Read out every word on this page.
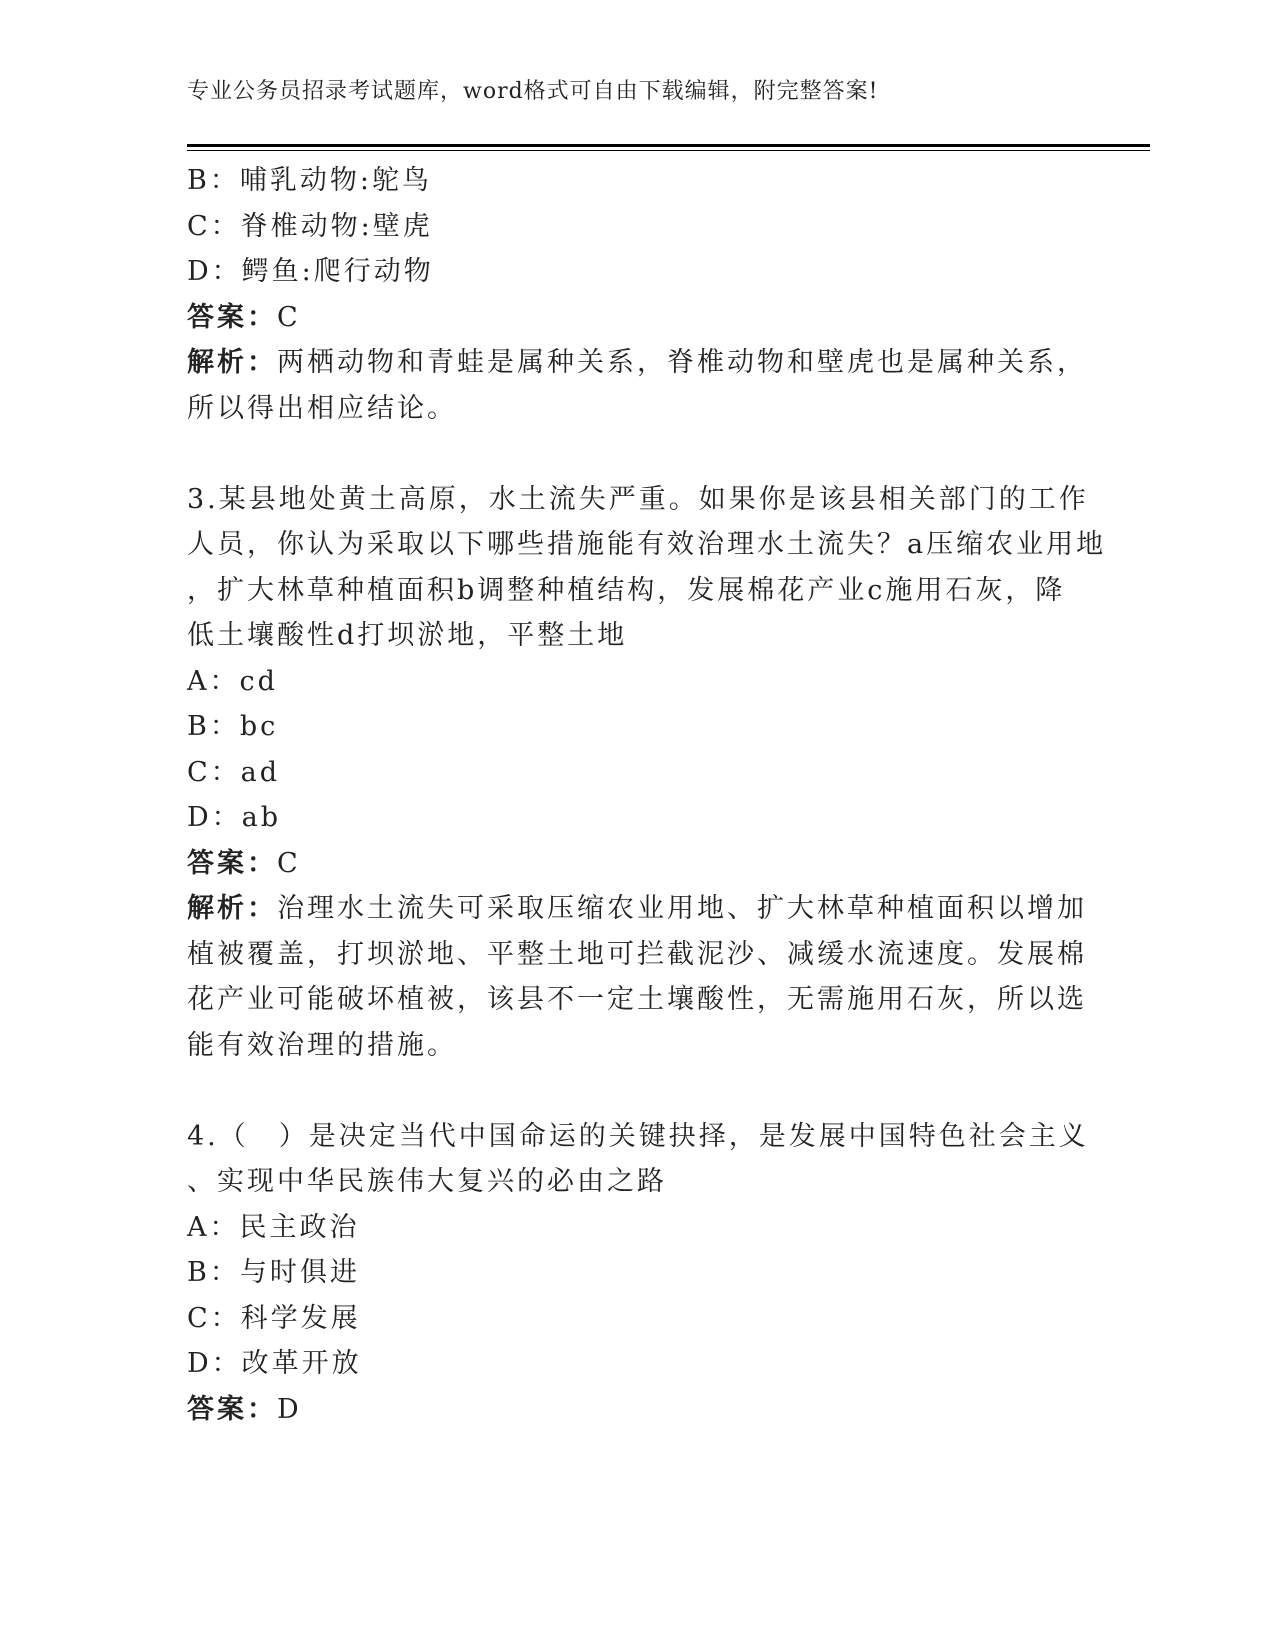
专业公务员招录考试题库，word格式可自由下载编辑，附完整答案!

B：哺乳动物:鸵鸟

C：脊椎动物:壁虎

D：鳄鱼:爬行动物

答案：C

解析：两栖动物和青蛙是属种关系，脊椎动物和壁虎也是属种关系，

所以得出相应结论。

3.某县地处黄土高原，水土流失严重。如果你是该县相关部门的工作

人员，你认为采取以下哪些措施能有效治理水土流失？a压缩农业用地

，扩大林草种植面积b调整种植结构，发展棉花产业c施用石灰，降

低土壤酸性d打坝淤地，平整土地

A：cd

B：bc

C：ad

D：ab

答案：C

解析：治理水土流失可采取压缩农业用地、扩大林草种植面积以增加

植被覆盖，打坝淤地、平整土地可拦截泥沙、减缓水流速度。发展棉

花产业可能破坏植被，该县不一定土壤酸性，无需施用石灰，所以选

能有效治理的措施。

4.（　）是决定当代中国命运的关键抉择，是发展中国特色社会主义

、实现中华民族伟大复兴的必由之路

A：民主政治

B：与时俱进

C：科学发展

D：改革开放

答案：D
